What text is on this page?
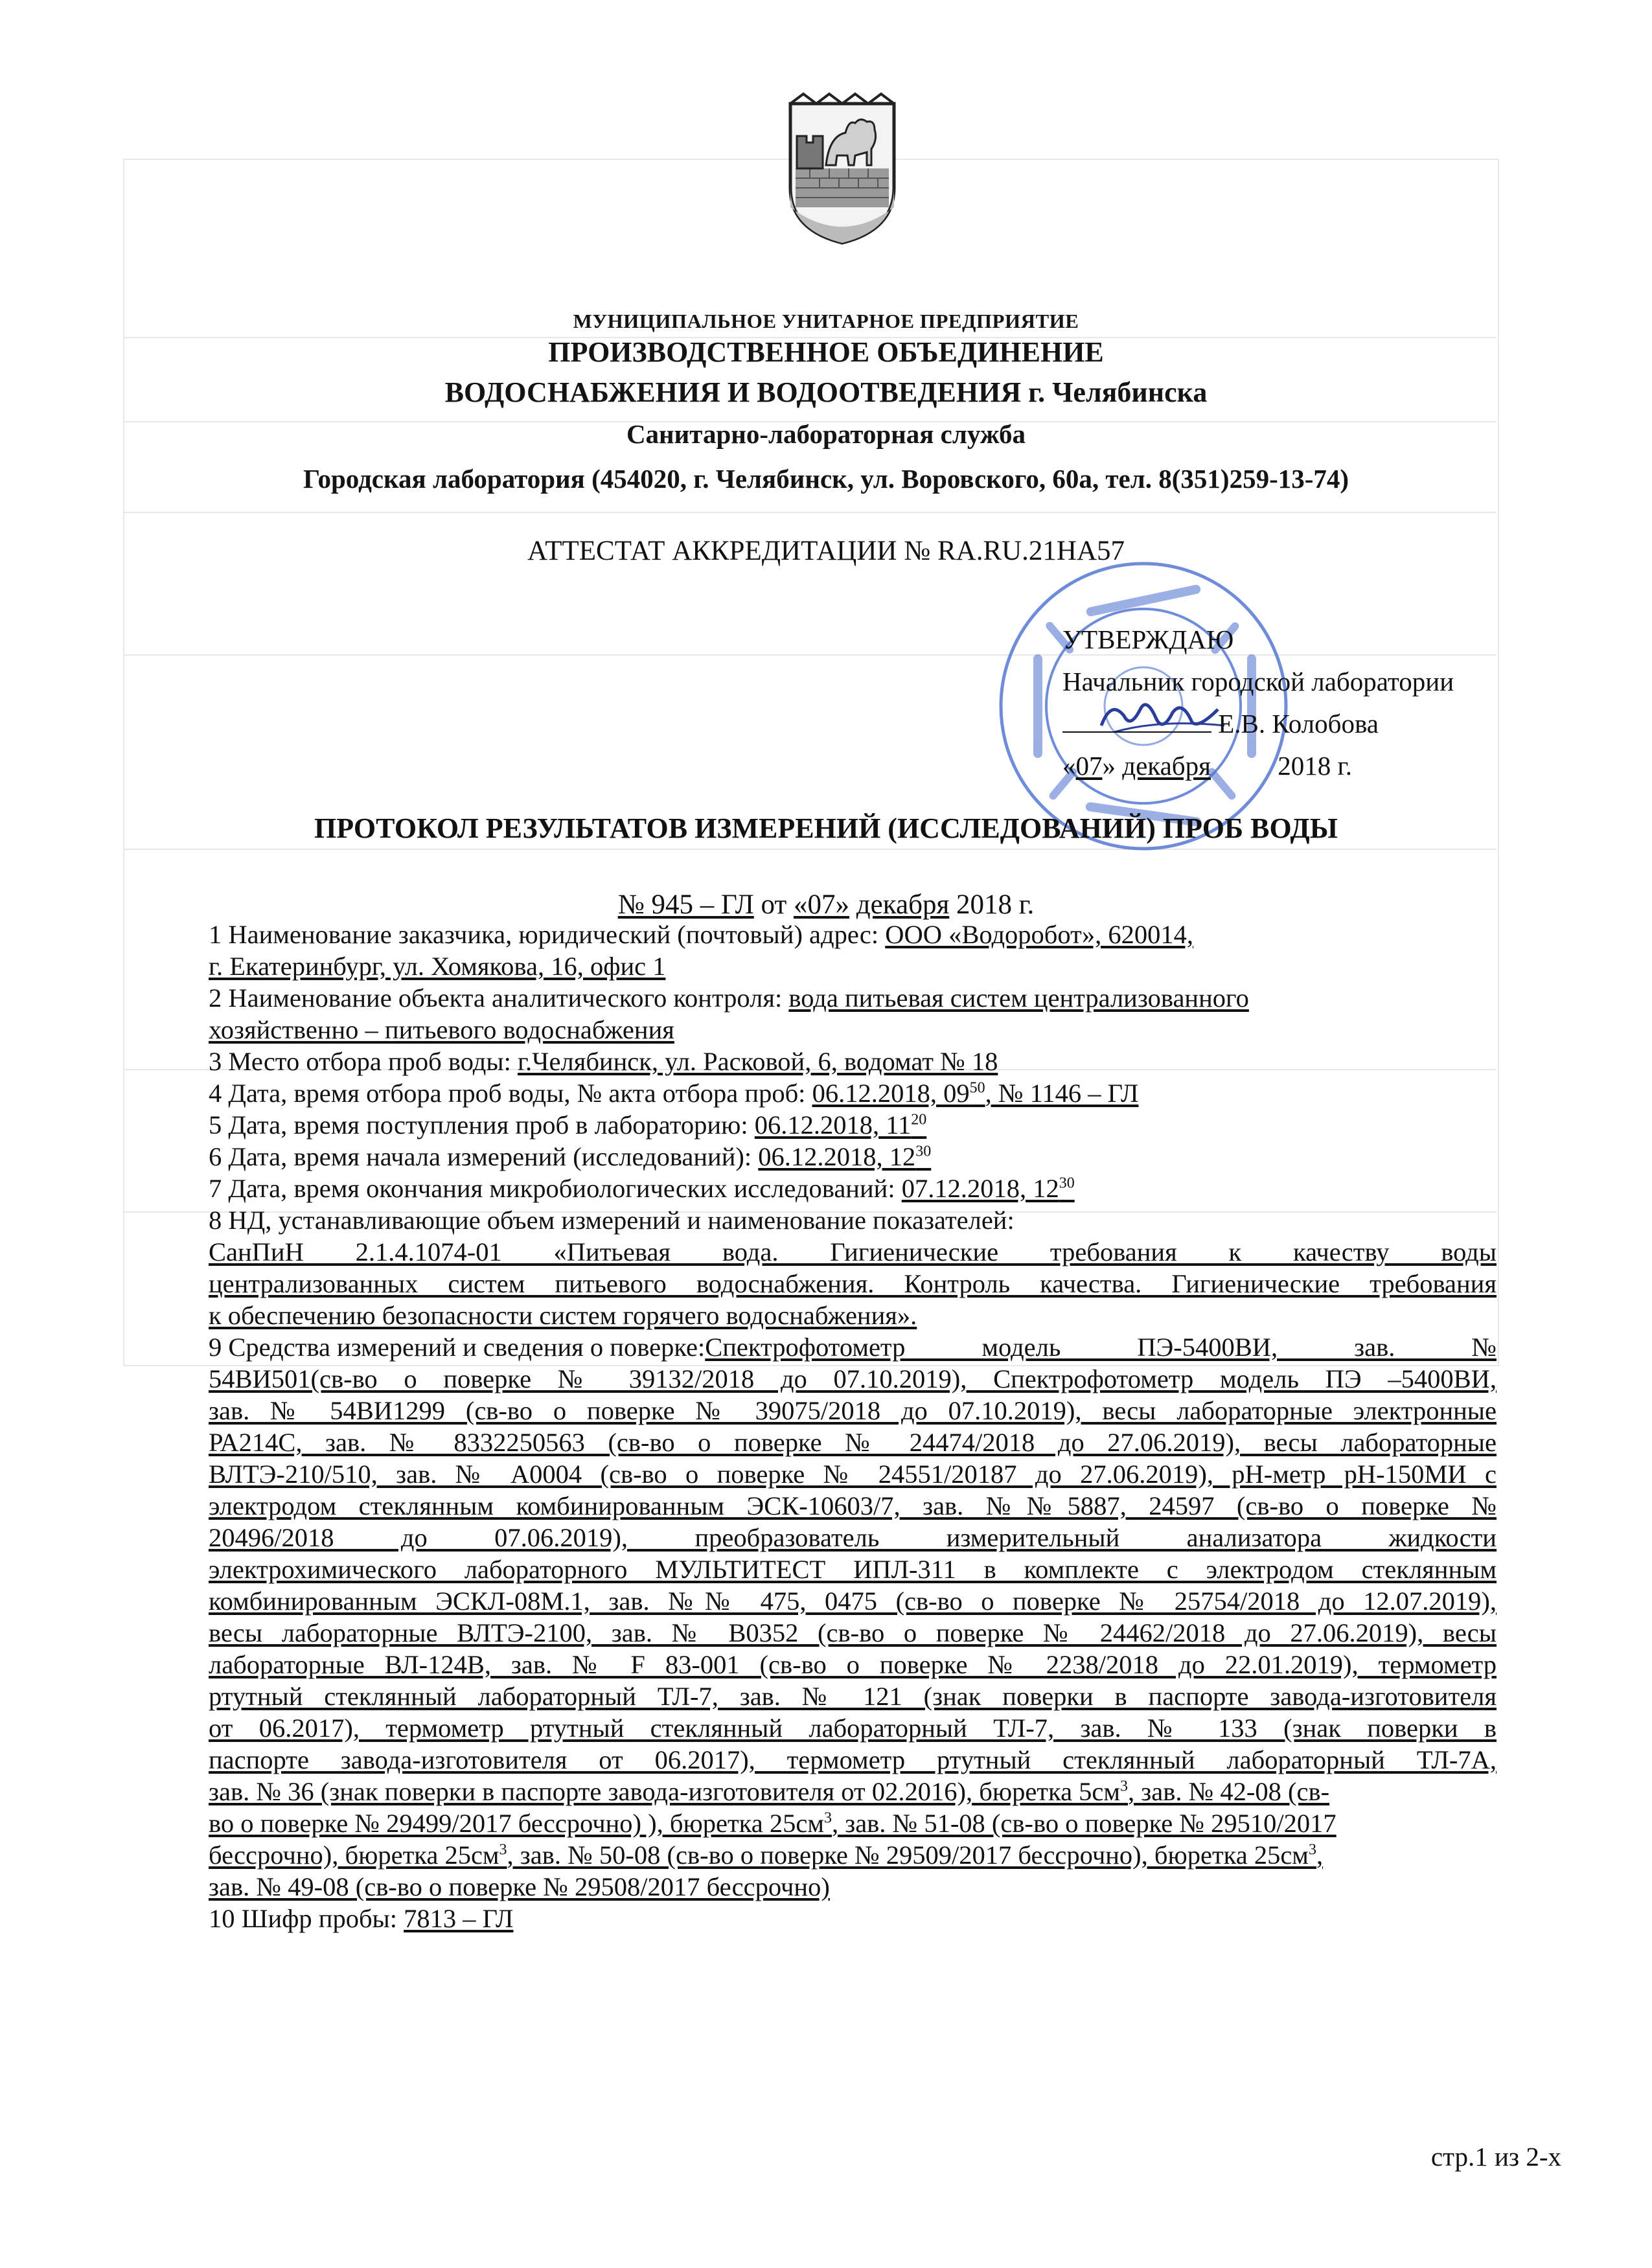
МУНИЦИПАЛЬНОЕ УНИТАРНОЕ ПРЕДПРИЯТИЕ
ПРОИЗВОДСТВЕННОЕ ОБЪЕДИНЕНИЕ
ВОДОСНАБЖЕНИЯ И ВОДООТВЕДЕНИЯ г. Челябинска
Санитарно-лабораторная служба
Городская лаборатория (454020, г. Челябинск, ул. Воровского, 60а, тел. 8(351)259-13-74)
АТТЕСТАТ АККРЕДИТАЦИИ № RA.RU.21НА57
УТВЕРЖДАЮ
Начальник городской лаборатории
Е.В. Колобова
«07» декабря	2018 г.
ПРОТОКОЛ РЕЗУЛЬТАТОВ ИЗМЕРЕНИЙ (ИССЛЕДОВАНИЙ) ПРОБ ВОДЫ
№ 945 – ГЛ от «07» декабря 2018 г.
1 Наименование заказчика, юридический (почтовый) адрес: ООО «Водоробот», 620014,
г. Екатеринбург, ул. Хомякова, 16, офис 1
2 Наименование объекта аналитического контроля: вода питьевая систем централизованного
хозяйственно – питьевого водоснабжения
3 Место отбора проб воды: г.Челябинск, ул. Расковой, 6, водомат № 18
4 Дата, время отбора проб воды, № акта отбора проб: 06.12.2018, $09^{50}$, № 1146 – ГЛ
5 Дата, время поступления проб в лабораторию: 06.12.2018, $11^{20}$
6 Дата, время начала измерений (исследований): 06.12.2018, $12^{30}$
7 Дата, время окончания микробиологических исследований: 07.12.2018, $12^{30}$
8 НД, устанавливающие объем измерений и наименование показателей:
СанПиН 2.1.4.1074-01 «Питьевая вода. Гигиенические требования к качеству воды
централизованных систем питьевого водоснабжения. Контроль качества. Гигиенические требования
к обеспечению безопасности систем горячего водоснабжения».
9 Средства измерений и сведения о поверке: Спектрофотометр модель ПЭ-5400ВИ, зав. №
54ВИ501(св-во о поверке № 39132/2018 до 07.10.2019), Спектрофотометр модель ПЭ –5400ВИ,
зав. № 54ВИ1299 (св-во о поверке № 39075/2018 до 07.10.2019), весы лабораторные электронные
РА214С, зав. № 8332250563 (св-во о поверке № 24474/2018 до 27.06.2019), весы лабораторные
ВЛТЭ-210/510, зав. № А0004 (св-во о поверке № 24551/20187 до 27.06.2019), рН-метр рН-150МИ с
электродом стеклянным комбинированным ЭСК-10603/7, зав. №№5887, 24597 (св-во о поверке №
20496/2018 до 07.06.2019), преобразователь измерительный анализатора жидкости
электрохимического лабораторного МУЛЬТИТЕСТ ИПЛ-311 в комплекте с электродом стеклянным
комбинированным ЭСКЛ-08М.1, зав. №№ 475, 0475 (св-во о поверке № 25754/2018 до 12.07.2019),
весы лабораторные ВЛТЭ-2100, зав. № В0352 (св-во о поверке № 24462/2018 до 27.06.2019), весы
лабораторные ВЛ-124В, зав. № F 83-001 (св-во о поверке № 2238/2018 до 22.01.2019), термометр
ртутный стеклянный лабораторный ТЛ-7, зав. № 121 (знак поверки в паспорте завода-изготовителя
от 06.2017), термометр ртутный стеклянный лабораторный ТЛ-7, зав. № 133 (знак поверки в
паспорте завода-изготовителя от 06.2017), термометр ртутный стеклянный лабораторный ТЛ-7А,
зав. № 36 (знак поверки в паспорте завода-изготовителя от 02.2016), бюретка $5cм^3$, зав. № 42-08 (св-
во о поверке № 29499/2017 бессрочно) ), бюретка $25см^3$, зав. № 51-08 (св-во о поверке № 29510/2017
бессрочно), бюретка $25см^3$, зав. № 50-08 (св-во о поверке № 29509/2017 бессрочно), бюретка $25см^3$,
зав. № 49-08 (св-во о поверке № 29508/2017 бессрочно)
10 Шифр пробы: 7813 – ГЛ
стр.1 из 2-х
